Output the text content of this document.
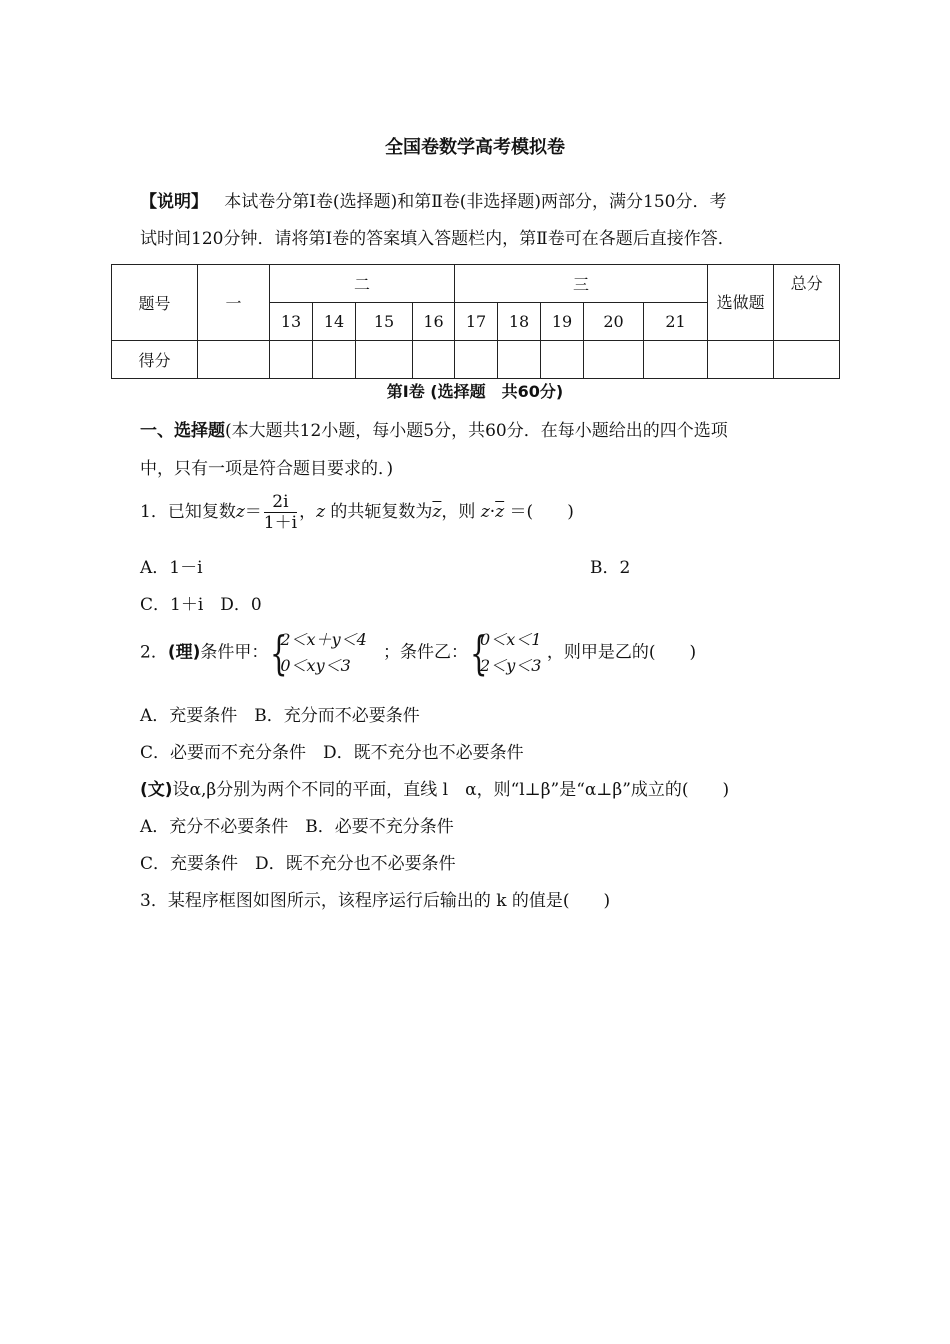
全国卷数学高考模拟卷
【说明】 本试卷分第Ⅰ卷(选择题)和第Ⅱ卷(非选择题)两部分，满分150分．考
试时间120分钟．请将第Ⅰ卷的答案填入答题栏内，第Ⅱ卷可在各题后直接作答．
题号	一	二				三					选做题	总分
		13	14	15	16	17	18	19	20	21		
得分												
第Ⅰ卷 (选择题　共60分)
一、选择题(本大题共12小题，每小题5分，共60分．在每小题给出的四个选项
中，只有一项是符合题目要求的．)
1．已知复数$z= \frac{2i}{1+i}$ ，z 的共轭复数为$\overline{z}$，则 $z\cdot\overline{z}$ ＝(　　)
A．1－i	B．2
C．1＋i　D．0
2．(理)条件甲： {
2＜x＋y＜4
0＜xy＜3
；条件乙： {
0＜x＜1
2＜y＜3
，则甲是乙的(　　)
A．充要条件　B．充分而不必要条件
C．必要而不充分条件　D．既不充分也不必要条件
(文)设α,β分别为两个不同的平面，直线 l　α，则“l⊥β”是“α⊥β”成立的(　　)
A．充分不必要条件　B．必要不充分条件
C．充要条件　D．既不充分也不必要条件
3．某程序框图如图所示，该程序运行后输出的 k 的值是(　　)
